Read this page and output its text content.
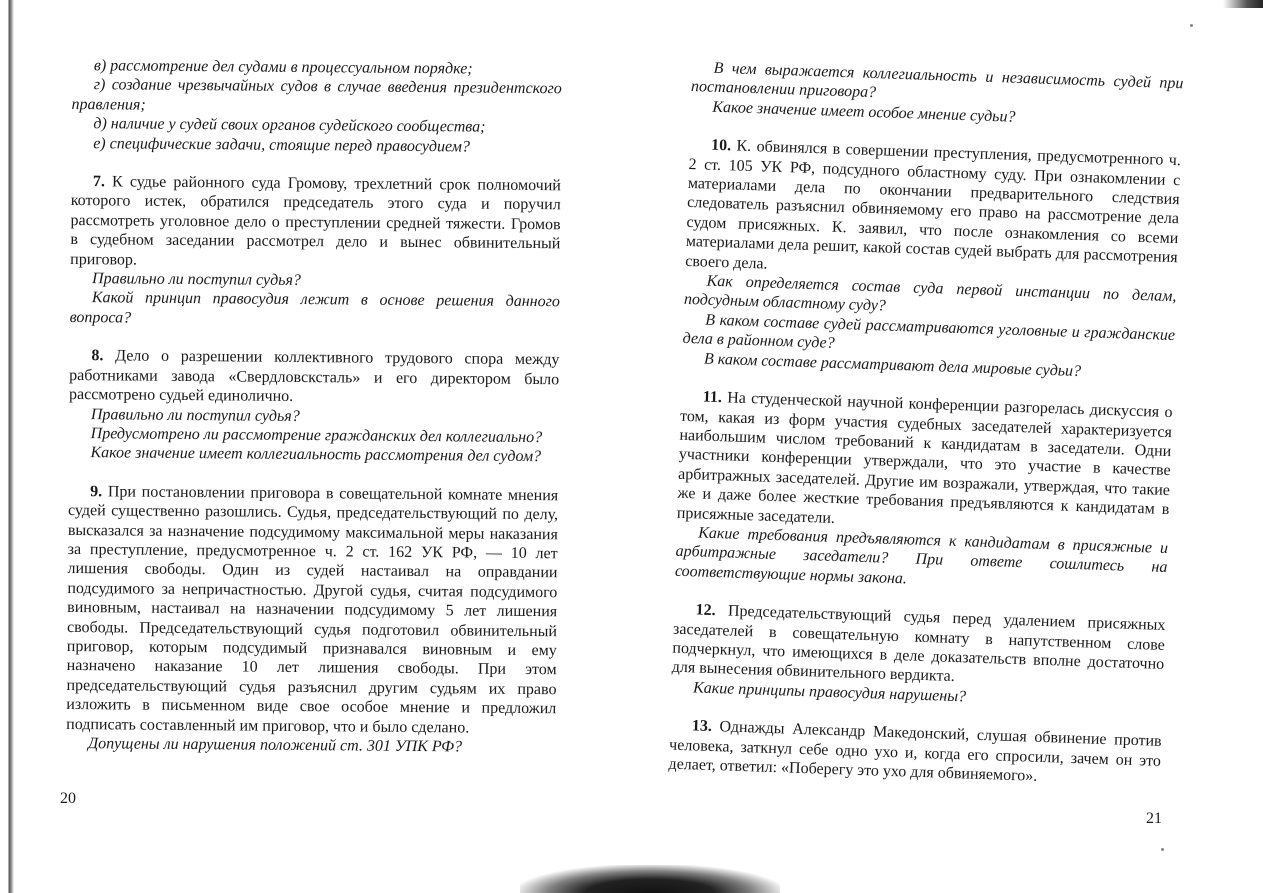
в) рассмотрение дел судами в процессуальном порядке;

г) создание чрезвычайных судов в случае введения президентского правления;

д) наличие у судей своих органов судейского сообщества;

е) специфические задачи, стоящие перед правосудием?

7. К судье районного суда Громову, трехлетний срок полномочий которого истек, обратился председатель этого суда и поручил рассмотреть уголовное дело о преступлении средней тяжести. Громов в судебном заседании рассмотрел дело и вынес обвинительный приговор.

Правильно ли поступил судья?

Какой принцип правосудия лежит в основе решения данного вопроса?

8. Дело о разрешении коллективного трудового спора между работниками завода «Свердловсксталь» и его директором было рассмотрено судьей единолично.

Правильно ли поступил судья?

Предусмотрено ли рассмотрение гражданских дел коллегиально?

Какое значение имеет коллегиальность рассмотрения дел судом?

9. При постановлении приговора в совещательной комнате мнения судей существенно разошлись. Судья, председательствующий по делу, высказался за назначение подсудимому максимальной меры наказания за преступление, предусмотренное ч. 2 ст. 162 УК РФ, — 10 лет лишения свободы. Один из судей настаивал на оправдании подсудимого за непричастностью. Другой судья, считая подсудимого виновным, настаивал на назначении подсудимому 5 лет лишения свободы. Председательствующий судья подготовил обвинительный приговор, которым подсудимый признавался виновным и ему назначено наказание 10 лет лишения свободы. При этом председательствующий судья разъяснил другим судьям их право изложить в письменном виде свое особое мнение и предложил подписать составленный им приговор, что и было сделано.

Допущены ли нарушения положений ст. 301 УПК РФ?

20

В чем выражается коллегиальность и независимость судей при постановлении приговора?

Какое значение имеет особое мнение судьи?

10. К. обвинялся в совершении преступления, предусмотренного ч. 2 ст. 105 УК РФ, подсудного областному суду. При ознакомлении с материалами дела по окончании предварительного следствия следователь разъяснил обвиняемому его право на рассмотрение дела судом присяжных. К. заявил, что после ознакомления со всеми материалами дела решит, какой состав судей выбрать для рассмотрения своего дела.

Как определяется состав суда первой инстанции по делам, подсудным областному суду?

В каком составе судей рассматриваются уголовные и гражданские дела в районном суде?

В каком составе рассматривают дела мировые судьи?

11. На студенческой научной конференции разгорелась дискуссия о том, какая из форм участия судебных заседателей характеризуется наибольшим числом требований к кандидатам в заседатели. Одни участники конференции утверждали, что это участие в качестве арбитражных заседателей. Другие им возражали, утверждая, что такие же и даже более жесткие требования предъявляются к кандидатам в присяжные заседатели.

Какие требования предъявляются к кандидатам в присяжные и арбитражные заседатели? При ответе сошлитесь на соответствующие нормы закона.

12. Председательствующий судья перед удалением присяжных заседателей в совещательную комнату в напутственном слове подчеркнул, что имеющихся в деле доказательств вполне достаточно для вынесения обвинительного вердикта.

Какие принципы правосудия нарушены?

13. Однажды Александр Македонский, слушая обвинение против человека, заткнул себе одно ухо и, когда его спросили, зачем он это делает, ответил: «Поберегу это ухо для обвиняемого».

21
